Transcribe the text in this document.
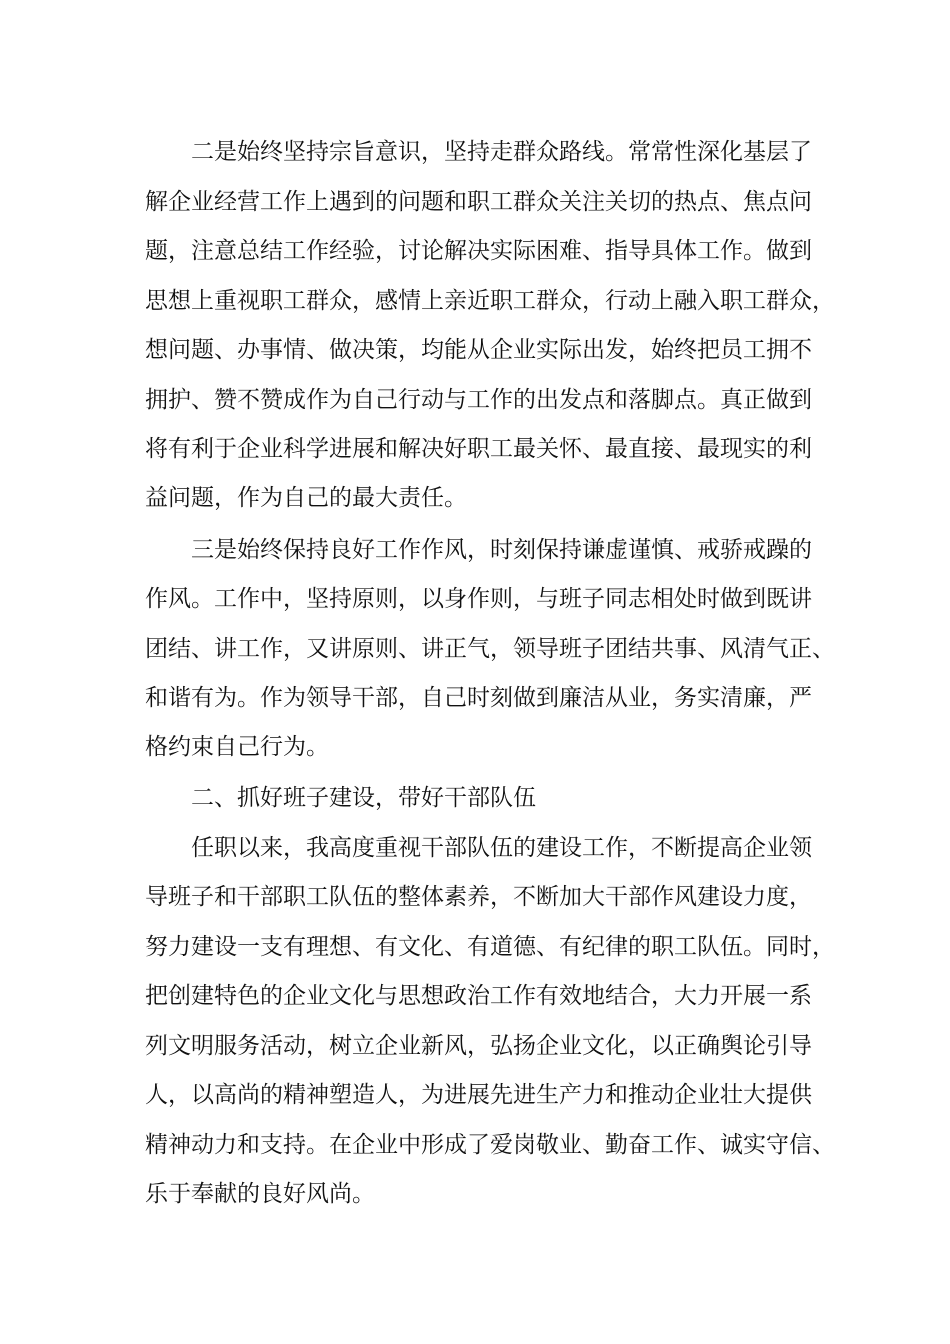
二是始终坚持宗旨意识，坚持走群众路线。常常性深化基层了
解企业经营工作上遇到的问题和职工群众关注关切的热点、焦点问
题，注意总结工作经验，讨论解决实际困难、指导具体工作。做到
思想上重视职工群众，感情上亲近职工群众，行动上融入职工群众，
想问题、办事情、做决策，均能从企业实际出发，始终把员工拥不
拥护、赞不赞成作为自己行动与工作的出发点和落脚点。真正做到
将有利于企业科学进展和解决好职工最关怀、最直接、最现实的利
益问题，作为自己的最大责任。
三是始终保持良好工作作风，时刻保持谦虚谨慎、戒骄戒躁的
作风。工作中，坚持原则，以身作则，与班子同志相处时做到既讲
团结、讲工作，又讲原则、讲正气，领导班子团结共事、风清气正、
和谐有为。作为领导干部，自己时刻做到廉洁从业，务实清廉，严
格约束自己行为。
二、抓好班子建设，带好干部队伍
任职以来，我高度重视干部队伍的建设工作，不断提高企业领
导班子和干部职工队伍的整体素养，不断加大干部作风建设力度，
努力建设一支有理想、有文化、有道德、有纪律的职工队伍。同时，
把创建特色的企业文化与思想政治工作有效地结合，大力开展一系
列文明服务活动，树立企业新风，弘扬企业文化，以正确舆论引导
人，以高尚的精神塑造人，为进展先进生产力和推动企业壮大提供
精神动力和支持。在企业中形成了爱岗敬业、勤奋工作、诚实守信、
乐于奉献的良好风尚。
